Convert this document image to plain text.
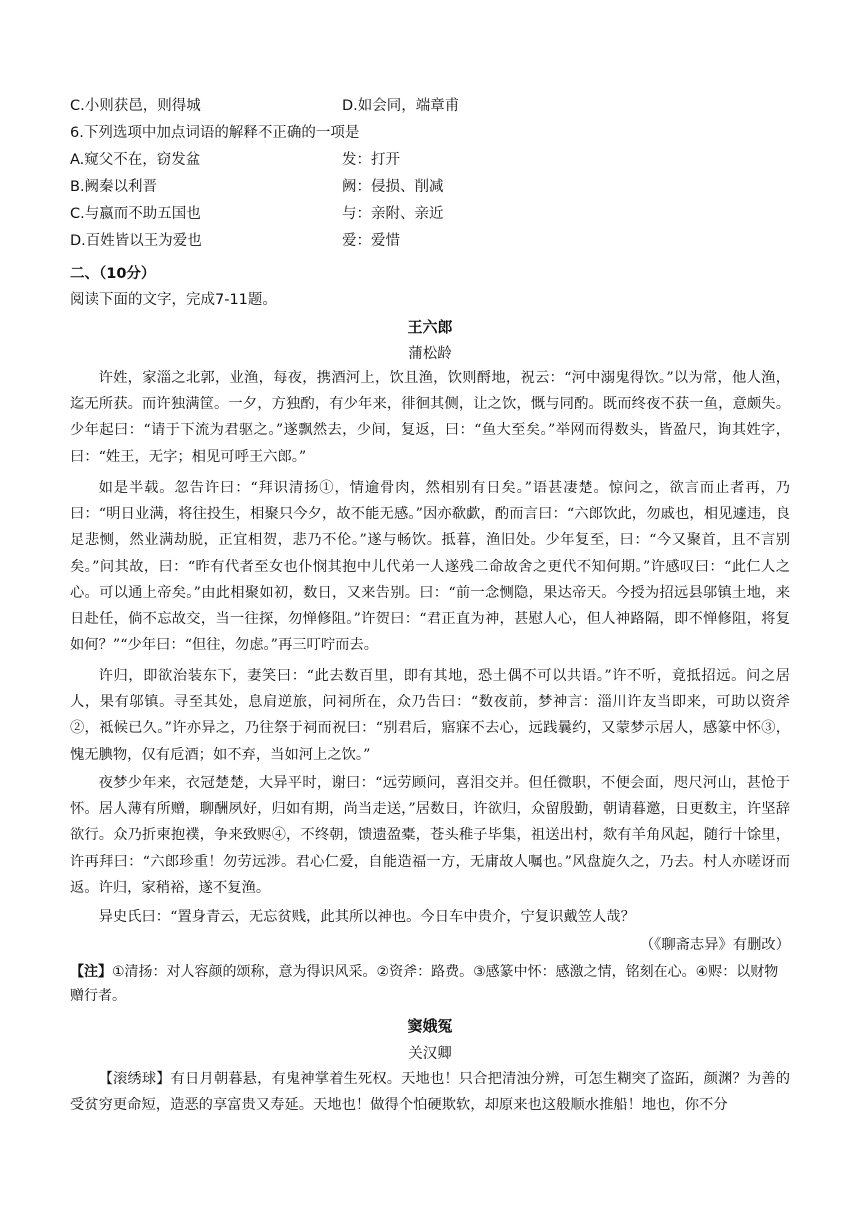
C.小则获邑，则得城	D.如会同，端章甫
6.下列选项中加点词语的解释不正确的一项是
A.窥父不在，窃发盆	发：打开
B.阙秦以利晋	阙：侵损、削减
C.与嬴而不助五国也	与：亲附、亲近
D.百姓皆以王为爱也	爱：爱惜
二、（10分）
阅读下面的文字，完成7-11题。
王六郎
蒲松龄
许姓，家淄之北郭，业渔，每夜，携酒河上，饮且渔，饮则酹地，祝云：“河中溺鬼得饮。”以为常，他人渔，迄无所获。而许独满筐。一夕，方独酌，有少年来，徘徊其侧，让之饮，慨与同酌。既而终夜不获一鱼，意颇失。少年起曰：“请于下流为君驱之。”遂飘然去，少间，复返，曰：“鱼大至矣。”举网而得数头，皆盈尺，询其姓字，曰：“姓王，无字；相见可呼王六郎。”
如是半载。忽告许曰：“拜识清扬①，情逾骨肉，然相别有日矣。”语甚凄楚。惊问之，欲言而止者再，乃曰：“明日业满，将往投生，相聚只今夕，故不能无感。”因亦欷歔，酌而言曰：“六郎饮此，勿戚也，相见遽违，良足悲恻，然业满劫脱，正宜相贺，悲乃不伦。”遂与畅饮。抵暮，渔旧处。少年复至，曰：“今又聚首，且不言别矣。”问其故，曰：“昨有代者至女也仆悯其抱中儿代弟一人遂残二命故舍之更代不知何期。”许感叹曰：“此仁人之心。可以通上帝矣。”由此相聚如初，数日，又来告别。曰：“前一念恻隐，果达帝天。今授为招远县邬镇土地，来日赴任，倘不忘故交，当一往探，勿惮修阻。”许贺曰：“君正直为神，甚慰人心，但人神路隔，即不惮修阻，将复如何？”“少年曰：“但往，勿虑。”再三叮咛而去。
许归，即欲治装东下，妻笑曰：“此去数百里，即有其地，恐土偶不可以共语。”许不听，竟抵招远。问之居人，果有邬镇。寻至其处，息肩逆旅，问祠所在，众乃告曰：“数夜前，梦神言：淄川许友当即来，可助以资斧②，祗候已久。”许亦异之，乃往祭于祠而祝曰：“别君后，寤寐不去心，远践曩约，又蒙梦示居人，感篆中怀③，愧无腆物，仅有卮酒；如不弃，当如河上之饮。”
夜梦少年来，衣冠楚楚，大异平时，谢曰：“远劳顾问，喜泪交并。但任微职，不便会面，咫尺河山，甚怆于怀。居人薄有所赠，聊酬夙好，归如有期，尚当走送，”居数日，许欲归，众留殷勤，朝请暮邀，日更数主，许坚辞欲行。众乃折柬抱襆，争来致赆④，不终朝，馈遗盈橐，苍头稚子毕集，祖送出村，欻有羊角风起，随行十馀里，许再拜曰：“六郎珍重！勿劳远涉。君心仁爱，自能造福一方，无庸故人嘱也。”风盘旋久之，乃去。村人亦嗟讶而返。许归，家稍裕，遂不复渔。
异史氏曰：“置身青云，无忘贫贱，此其所以神也。今日车中贵介，宁复识戴笠人哉？
（《聊斋志异》有删改）
【注】①清扬：对人容颜的颂称，意为得识风采。②资斧：路费。③感篆中怀：感激之情，铭刻在心。④赆：以财物赠行者。
窦娥冤
关汉卿
【滚绣球】有日月朝暮悬，有鬼神掌着生死权。天地也！只合把清浊分辨，可怎生糊突了盗跖，颜渊？为善的受贫穷更命短，造恶的享富贵又寿延。天地也！做得个怕硬欺软，却原来也这般顺水推船！地也，你不分
